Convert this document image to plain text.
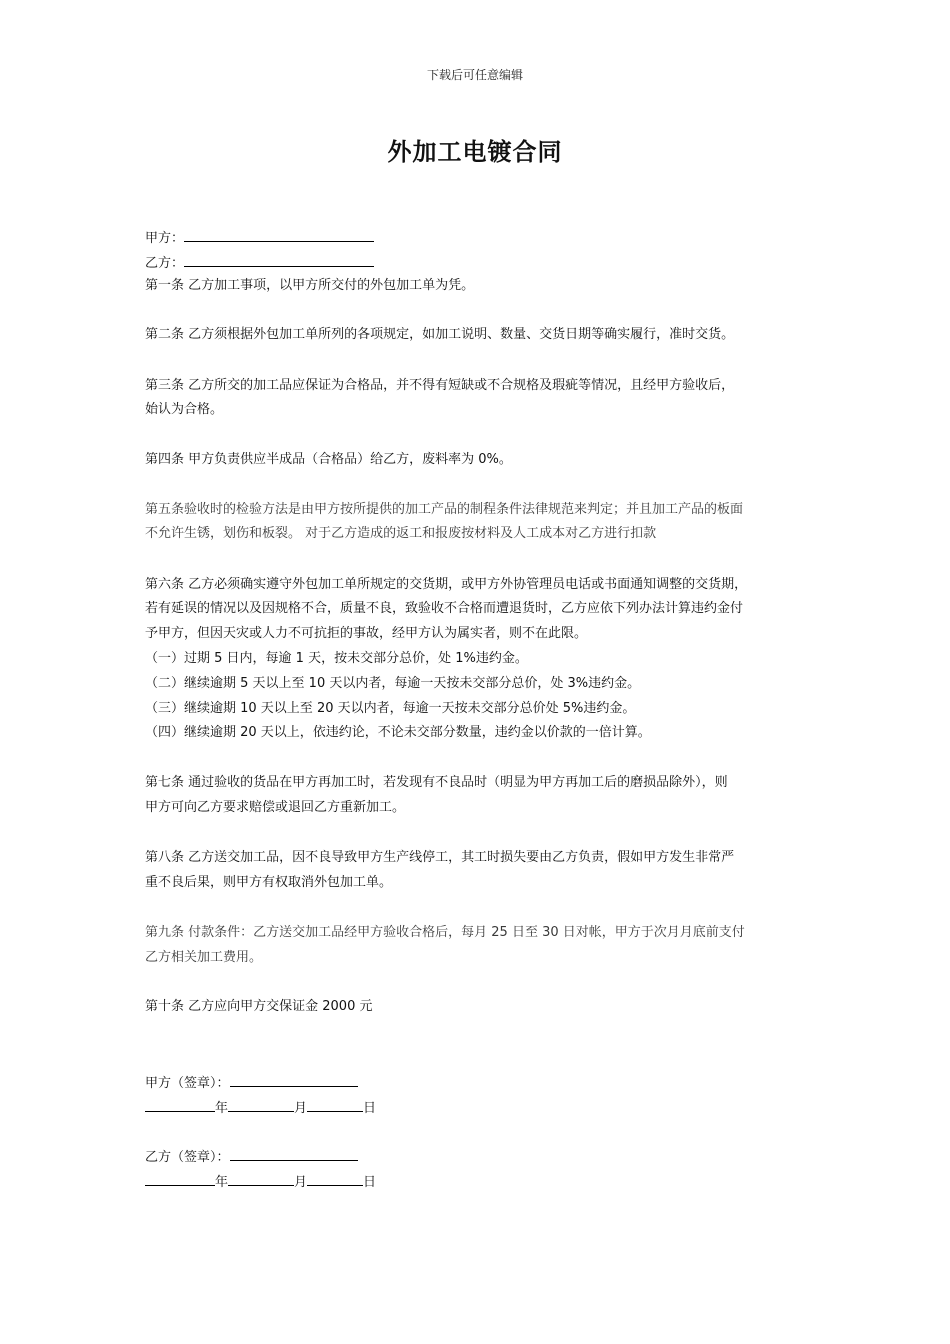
下载后可任意编辑
外加工电镀合同
甲方：
乙方：
第一条 乙方加工事项，以甲方所交付的外包加工单为凭。
第二条 乙方须根据外包加工单所列的各项规定，如加工说明、数量、交货日期等确实履行，准时交货。
第三条 乙方所交的加工品应保证为合格品，并不得有短缺或不合规格及瑕疵等情况，且经甲方验收后，
始认为合格。
第四条 甲方负责供应半成品（合格品）给乙方，废料率为 0%。
第五条验收时的检验方法是由甲方按所提供的加工产品的制程条件法律规范来判定；并且加工产品的板面
不允许生锈，划伤和板裂。 对于乙方造成的返工和报废按材料及人工成本对乙方进行扣款
第六条 乙方必须确实遵守外包加工单所规定的交货期，或甲方外协管理员电话或书面通知调整的交货期，
若有延误的情况以及因规格不合，质量不良，致验收不合格而遭退货时，乙方应依下列办法计算违约金付
予甲方，但因天灾或人力不可抗拒的事故，经甲方认为属实者，则不在此限。
（一）过期 5 日内，每逾 1 天，按未交部分总价，处 1%违约金。
（二）继续逾期 5 天以上至 10 天以内者，每逾一天按未交部分总价，处 3%违约金。
（三）继续逾期 10 天以上至 20 天以内者，每逾一天按未交部分总价处 5%违约金。
（四）继续逾期 20 天以上，依违约论，不论未交部分数量，违约金以价款的一倍计算。
第七条 通过验收的货品在甲方再加工时，若发现有不良品时（明显为甲方再加工后的磨损品除外），则
甲方可向乙方要求赔偿或退回乙方重新加工。
第八条 乙方送交加工品，因不良导致甲方生产线停工，其工时损失要由乙方负责，假如甲方发生非常严
重不良后果，则甲方有权取消外包加工单。
第九条 付款条件：乙方送交加工品经甲方验收合格后，每月 25 日至 30 日对帐，甲方于次月月底前支付
乙方相关加工费用。
第十条 乙方应向甲方交保证金 2000 元
甲方（签章）：
年	月	日
乙方（签章）：
年	月	日
